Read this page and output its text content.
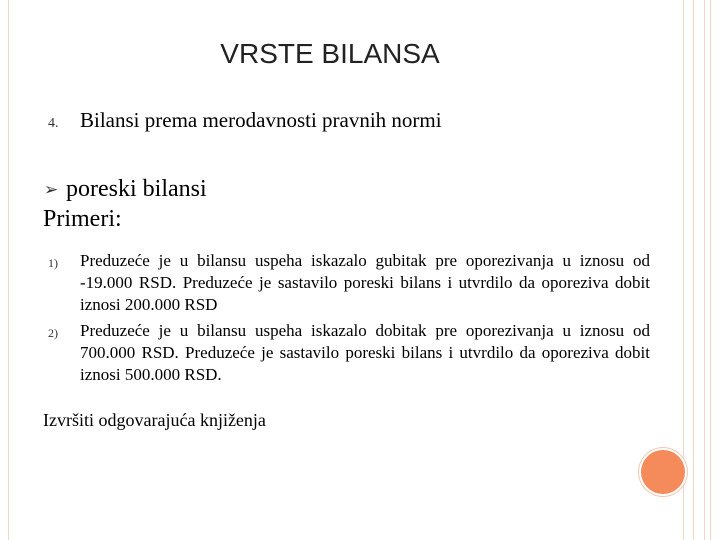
VRSTE BILANSA
4.	Bilansi prema merodavnosti pravnih normi
➢ poreski bilansi
Primeri:
1)	Preduzeće je u bilansu uspeha iskazalo gubitak pre oporezivanja u iznosu od -19.000 RSD. Preduzeće je sastavilo poreski bilans i utvrdilo da oporeziva dobit iznosi 200.000 RSD
2)	Preduzeće je u bilansu uspeha iskazalo dobitak pre oporezivanja u iznosu od 700.000 RSD. Preduzeće je sastavilo poreski bilans i utvrdilo da oporeziva dobit iznosi 500.000 RSD.
Izvršiti odgovarajuća knjiženja
